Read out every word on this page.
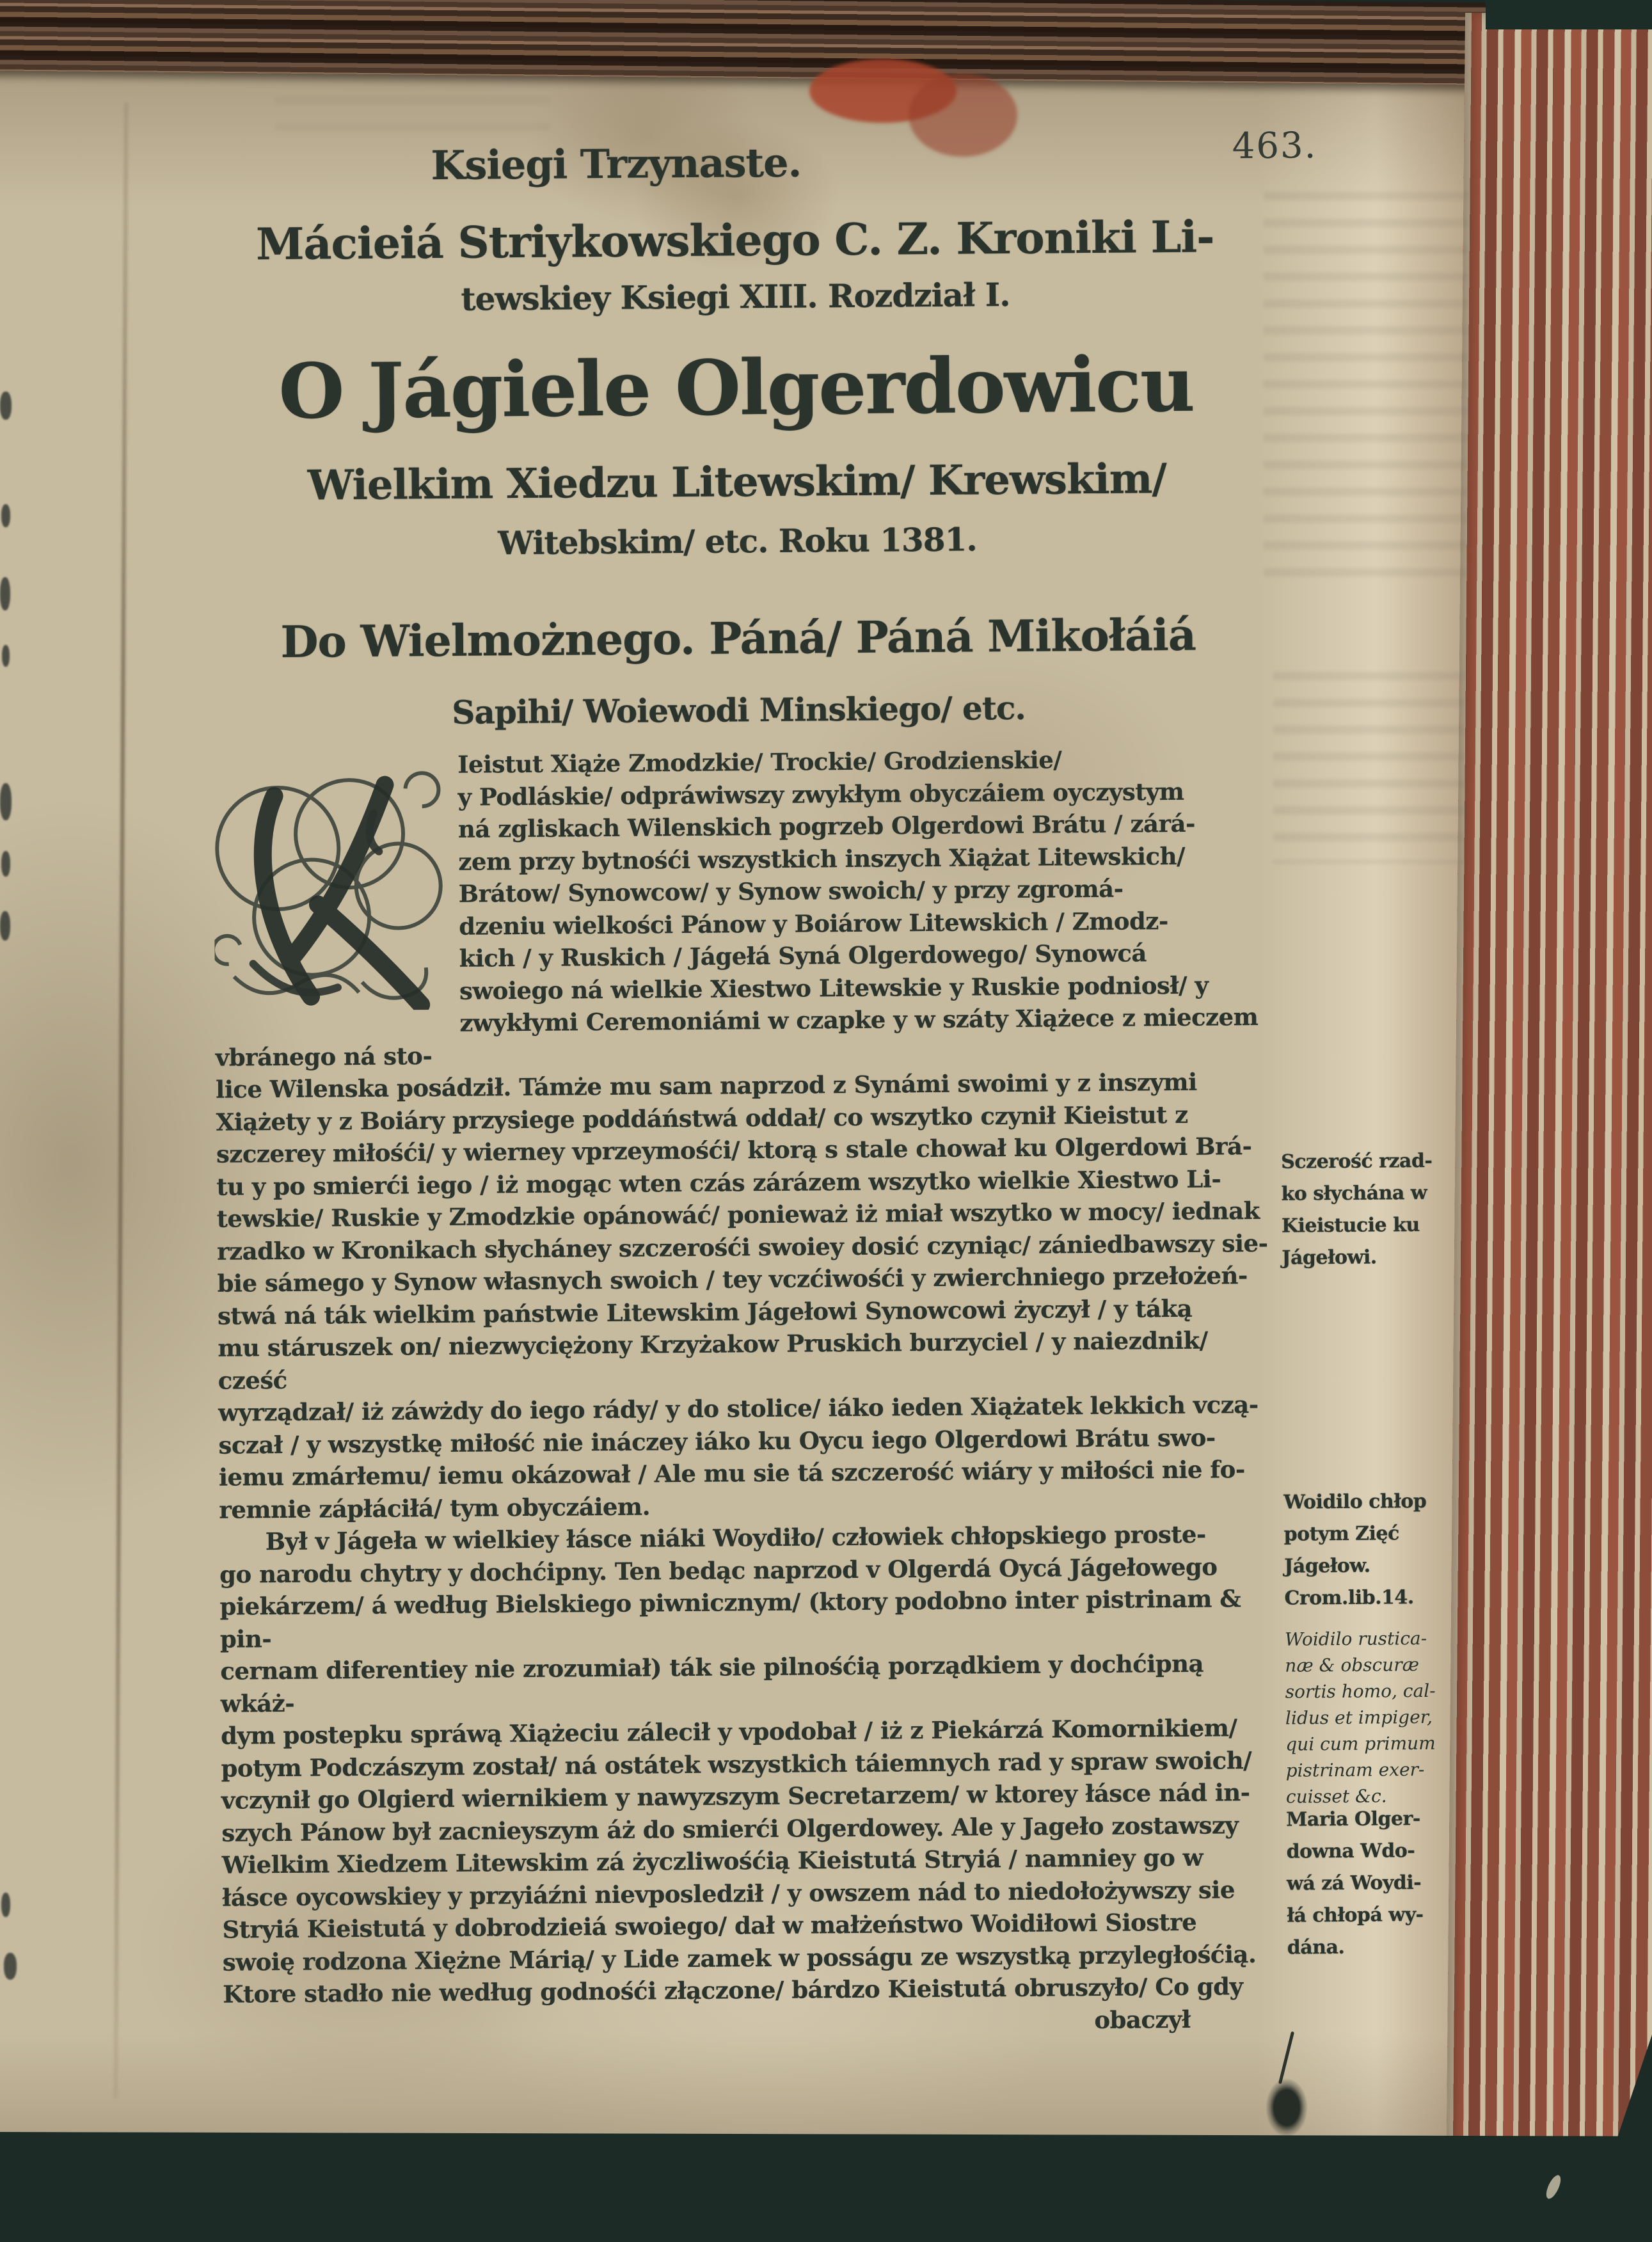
Ksiegi Trzynaste.	463.
Mácieiá Striykowskiego C. Z. Kroniki Li-
tewskiey Ksiegi XIII. Rozdział I.
O Jágiele Olgerdowicu
Wielkim Xiedzu Litewskim/ Krewskim/
Witebskim/ etc. Roku 1381.
Do Wielmożnego. Páná/ Páná Mikołáiá
Sapihi/ Woiewodi Minskiego/ etc.

Ieistut Xiąże Zmodzkie/ Trockie/ Grodzienskie/
y Podláskie/ odpráwiwszy zwykłym obyczáiem oyczystym
ná zgliskach Wilenskich pogrzeb Olgerdowi Brátu / zárá-
zem przy bytnośći wszystkich inszych Xiążat Litewskich/
Brátow/ Synowcow/ y Synow swoich/ y przy zgromá-
dzeniu wielkości Pánow y Boiárow Litewskich / Zmodz-
kich / y Ruskich / Jágełá Syná Olgerdowego/ Synowcá
swoiego ná wielkie Xiestwo Litewskie y Ruskie podniosł/ y
zwykłymi Ceremoniámi w czapke y w száty Xiążece z mieczem vbránego ná sto-
lice Wilenska posádził. Támże mu sam naprzod z Synámi swoimi y z inszymi
Xiążety y z Boiáry przysiege poddáństwá oddał/ co wszytko czynił Kieistut z
szczerey miłośći/ y wierney vprzeymośći/ ktorą s stale chował ku Olgerdowi Brá-
tu y po smierći iego / iż mogąc wten czás zárázem wszytko wielkie Xiestwo Li-
tewskie/ Ruskie y Zmodzkie opánowáć/ ponieważ iż miał wszytko w mocy/ iednak
rzadko w Kronikach słycháney szczerośći swoiey dosić czyniąc/ zániedbawszy sie-
bie sámego y Synow własnych swoich / tey vczćiwośći y zwierchniego przełożeń-
stwá ná ták wielkim państwie Litewskim Jágełowi Synowcowi życzył / y táką
mu stáruszek on/ niezwyciężony Krzyżakow Pruskich burzyciel / y naiezdnik/ cześć
wyrządzał/ iż záwżdy do iego rády/ y do stolice/ iáko ieden Xiążatek lekkich vczą-
sczał / y wszystkę miłość nie ináczey iáko ku Oycu iego Olgerdowi Brátu swo-
iemu zmárłemu/ iemu okázował / Ale mu sie tá szczerość wiáry y miłości nie fo-
remnie zápłáciłá/ tym obyczáiem.

Był v Jágeła w wielkiey łásce niáki Woydiło/ człowiek chłopskiego proste-
go narodu chytry y dochćipny. Ten bedąc naprzod v Olgerdá Oycá Jágełowego
piekárzem/ á według Bielskiego piwnicznym/ (ktory podobno inter pistrinam & pin-
cernam diferentiey nie zrozumiał) ták sie pilnośćią porządkiem y dochćipną wkáż-
dym postepku spráwą Xiążeciu zálecił y vpodobał / iż z Piekárzá Komornikiem/
potym Podczászym został/ ná ostátek wszystkich táiemnych rad y spraw swoich/
vczynił go Olgierd wiernikiem y nawyzszym Secretarzem/ w ktorey łásce nád in-
szych Pánow był zacnieyszym áż do smierći Olgerdowey. Ale y Jageło zostawszy
Wielkim Xiedzem Litewskim zá życzliwośćią Kieistutá Stryiá / namniey go w
łásce oycowskiey y przyiáźni nievposledził / y owszem nád to niedołożywszy sie
Stryiá Kieistutá y dobrodzieiá swoiego/ dał w małżeństwo Woidiłowi Siostre
swoię rodzona Xiężne Márią/ y Lide zamek w posságu ze wszystką przyległośćią.
Ktore stadło nie według godnośći złączone/ bárdzo Kieistutá obruszyło/ Co gdy

obaczył

Sczerość rzad-
ko słychána w
Kieistucie ku
Jágełowi.
Woidilo chłop
potym Zięć
Jágełow.
Crom.lib.14.
Woidilo rustica-
næ & obscuræ
sortis homo, cal-
lidus et impiger,
qui cum primum
pistrinam exer-
cuisset &c.
Maria Olger-
downa Wdo-
wá zá Woydi-
łá chłopá wy-
dána.
